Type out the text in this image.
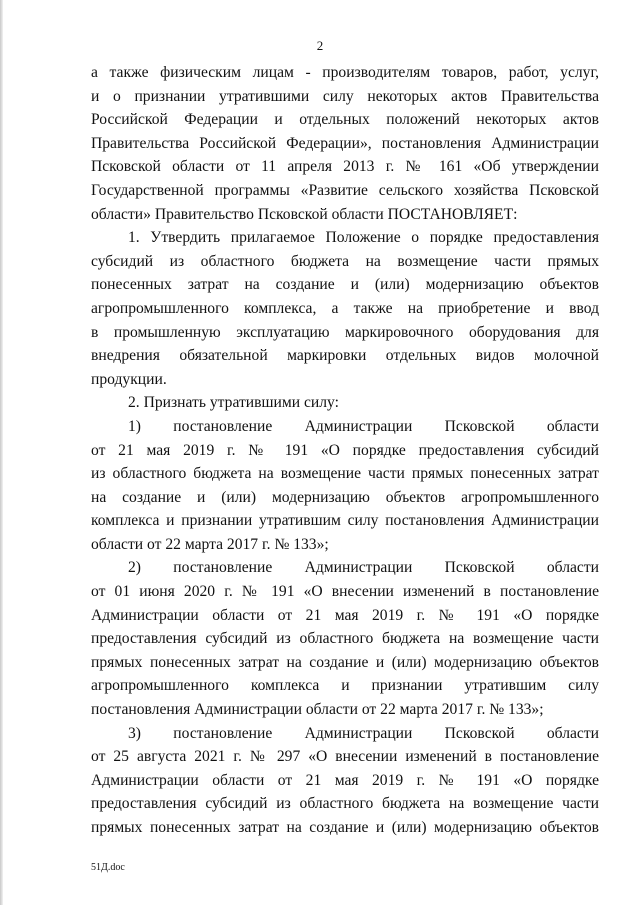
2

а также физическим лицам - производителям товаров, работ, услуг,

и о признании утратившими силу некоторых актов Правительства

Российской Федерации и отдельных положений некоторых актов

Правительства Российской Федерации», постановления Администрации

Псковской области от 11 апреля 2013 г. № 161 «Об утверждении

Государственной программы «Развитие сельского хозяйства Псковской

области» Правительство Псковской области ПОСТАНОВЛЯЕТ:

1. Утвердить прилагаемое Положение о порядке предоставления

субсидий из областного бюджета на возмещение части прямых

понесенных затрат на создание и (или) модернизацию объектов

агропромышленного комплекса, а также на приобретение и ввод

в промышленную эксплуатацию маркировочного оборудования для

внедрения обязательной маркировки отдельных видов молочной

продукции.

2. Признать утратившими силу:

1) постановление Администрации Псковской области

от 21 мая 2019 г. № 191 «О порядке предоставления субсидий

из областного бюджета на возмещение части прямых понесенных затрат

на создание и (или) модернизацию объектов агропромышленного

комплекса и признании утратившим силу постановления Администрации

области от 22 марта 2017 г. № 133»;

2) постановление Администрации Псковской области

от 01 июня 2020 г. № 191 «О внесении изменений в постановление

Администрации области от 21 мая 2019 г. № 191 «О порядке

предоставления субсидий из областного бюджета на возмещение части

прямых понесенных затрат на создание и (или) модернизацию объектов

агропромышленного комплекса и признании утратившим силу

постановления Администрации области от 22 марта 2017 г. № 133»;

3) постановление Администрации Псковской области

от 25 августа 2021 г. № 297 «О внесении изменений в постановление

Администрации области от 21 мая 2019 г. № 191 «О порядке

предоставления субсидий из областного бюджета на возмещение части

прямых понесенных затрат на создание и (или) модернизацию объектов

51Д.doc
